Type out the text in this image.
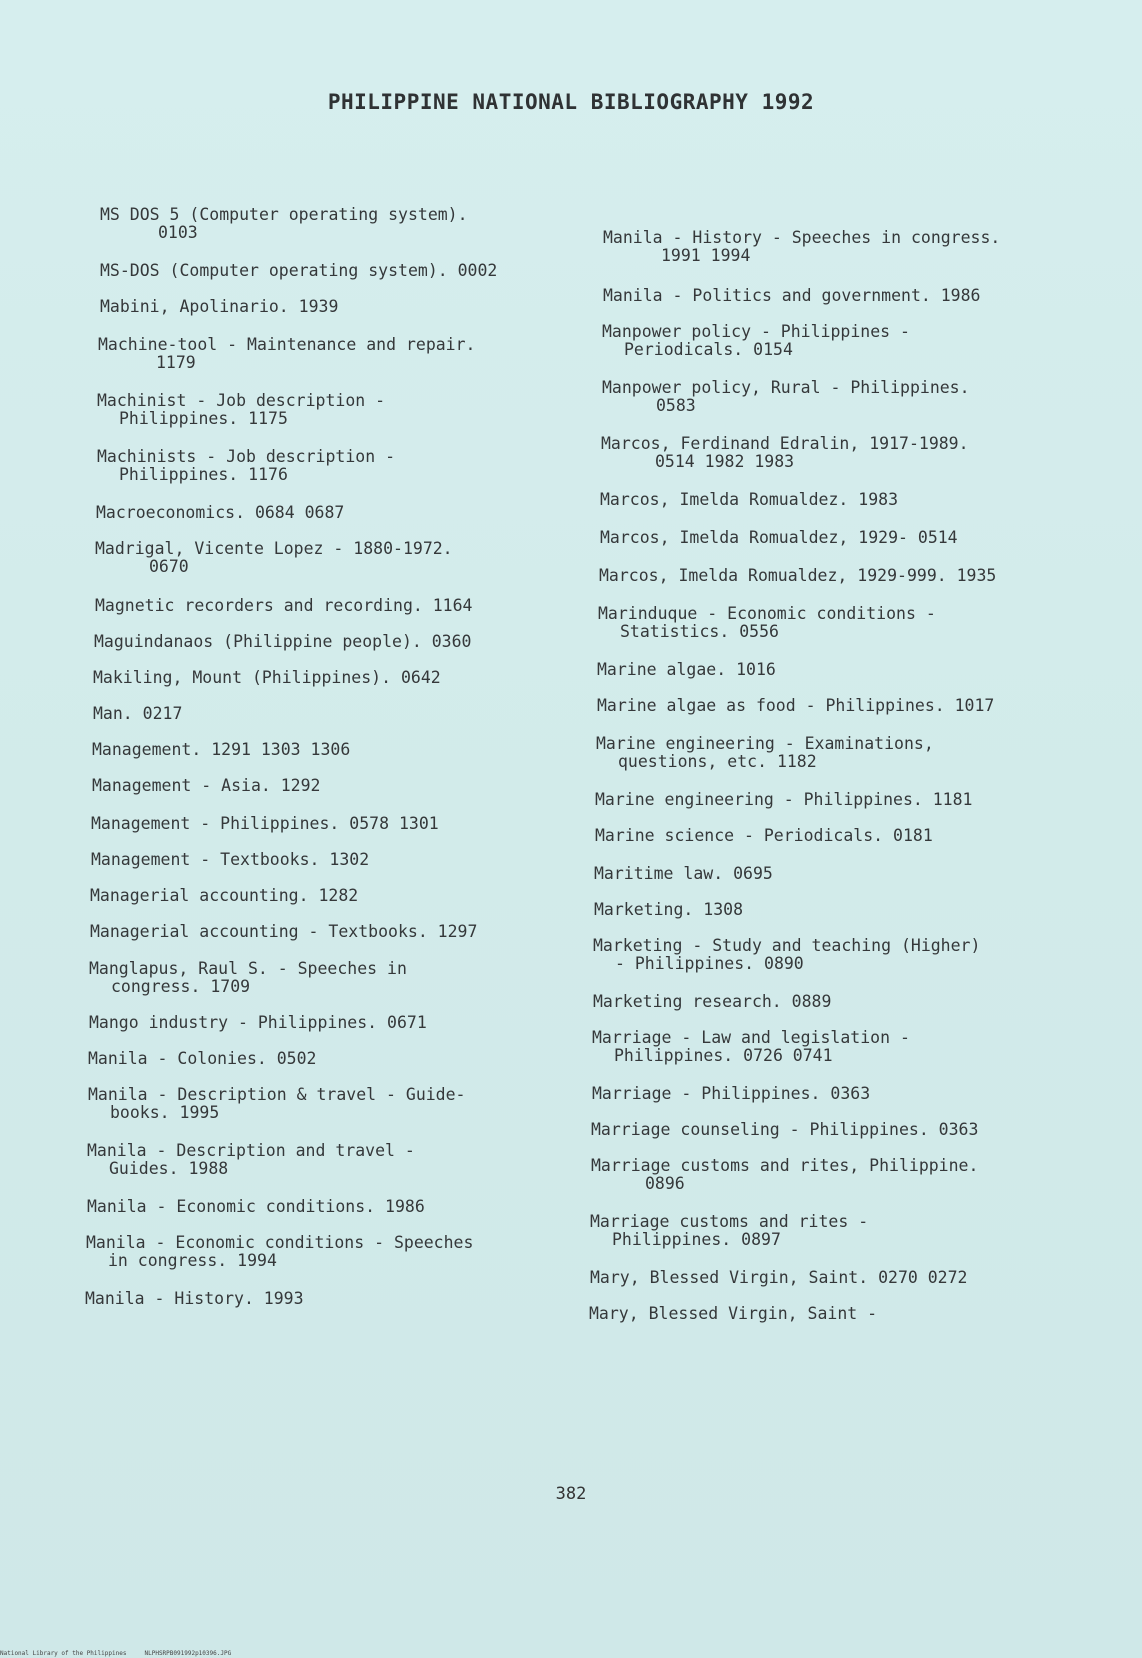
PHILIPPINE NATIONAL BIBLIOGRAPHY 1992
MS DOS 5 (Computer operating system).
0103
MS-DOS (Computer operating system). 0002
Mabini, Apolinario. 1939
Machine-tool - Maintenance and repair.
1179
Machinist - Job description -
Philippines. 1175
Machinists - Job description -
Philippines. 1176
Macroeconomics. 0684 0687
Madrigal, Vicente Lopez - 1880-1972.
0670
Magnetic recorders and recording. 1164
Maguindanaos (Philippine people). 0360
Makiling, Mount (Philippines). 0642
Man. 0217
Management. 1291 1303 1306
Management - Asia. 1292
Management - Philippines. 0578 1301
Management - Textbooks. 1302
Managerial accounting. 1282
Managerial accounting - Textbooks. 1297
Manglapus, Raul S. - Speeches in
congress. 1709
Mango industry - Philippines. 0671
Manila - Colonies. 0502
Manila - Description & travel - Guide-
books. 1995
Manila - Description and travel -
Guides. 1988
Manila - Economic conditions. 1986
Manila - Economic conditions - Speeches
in congress. 1994
Manila - History. 1993
Manila - History - Speeches in congress.
1991 1994
Manila - Politics and government. 1986
Manpower policy - Philippines -
Periodicals. 0154
Manpower policy, Rural - Philippines.
0583
Marcos, Ferdinand Edralin, 1917-1989.
0514 1982 1983
Marcos, Imelda Romualdez. 1983
Marcos, Imelda Romualdez, 1929- 0514
Marcos, Imelda Romualdez, 1929-999. 1935
Marinduque - Economic conditions -
Statistics. 0556
Marine algae. 1016
Marine algae as food - Philippines. 1017
Marine engineering - Examinations,
questions, etc. 1182
Marine engineering - Philippines. 1181
Marine science - Periodicals. 0181
Maritime law. 0695
Marketing. 1308
Marketing - Study and teaching (Higher)
- Philippines. 0890
Marketing research. 0889
Marriage - Law and legislation -
Philippines. 0726 0741
Marriage - Philippines. 0363
Marriage counseling - Philippines. 0363
Marriage customs and rites, Philippine.
0896
Marriage customs and rites -
Philippines. 0897
Mary, Blessed Virgin, Saint. 0270 0272
Mary, Blessed Virgin, Saint -
382
National Library of the Philippines	NLPHSRPB091992p10396.JPG
